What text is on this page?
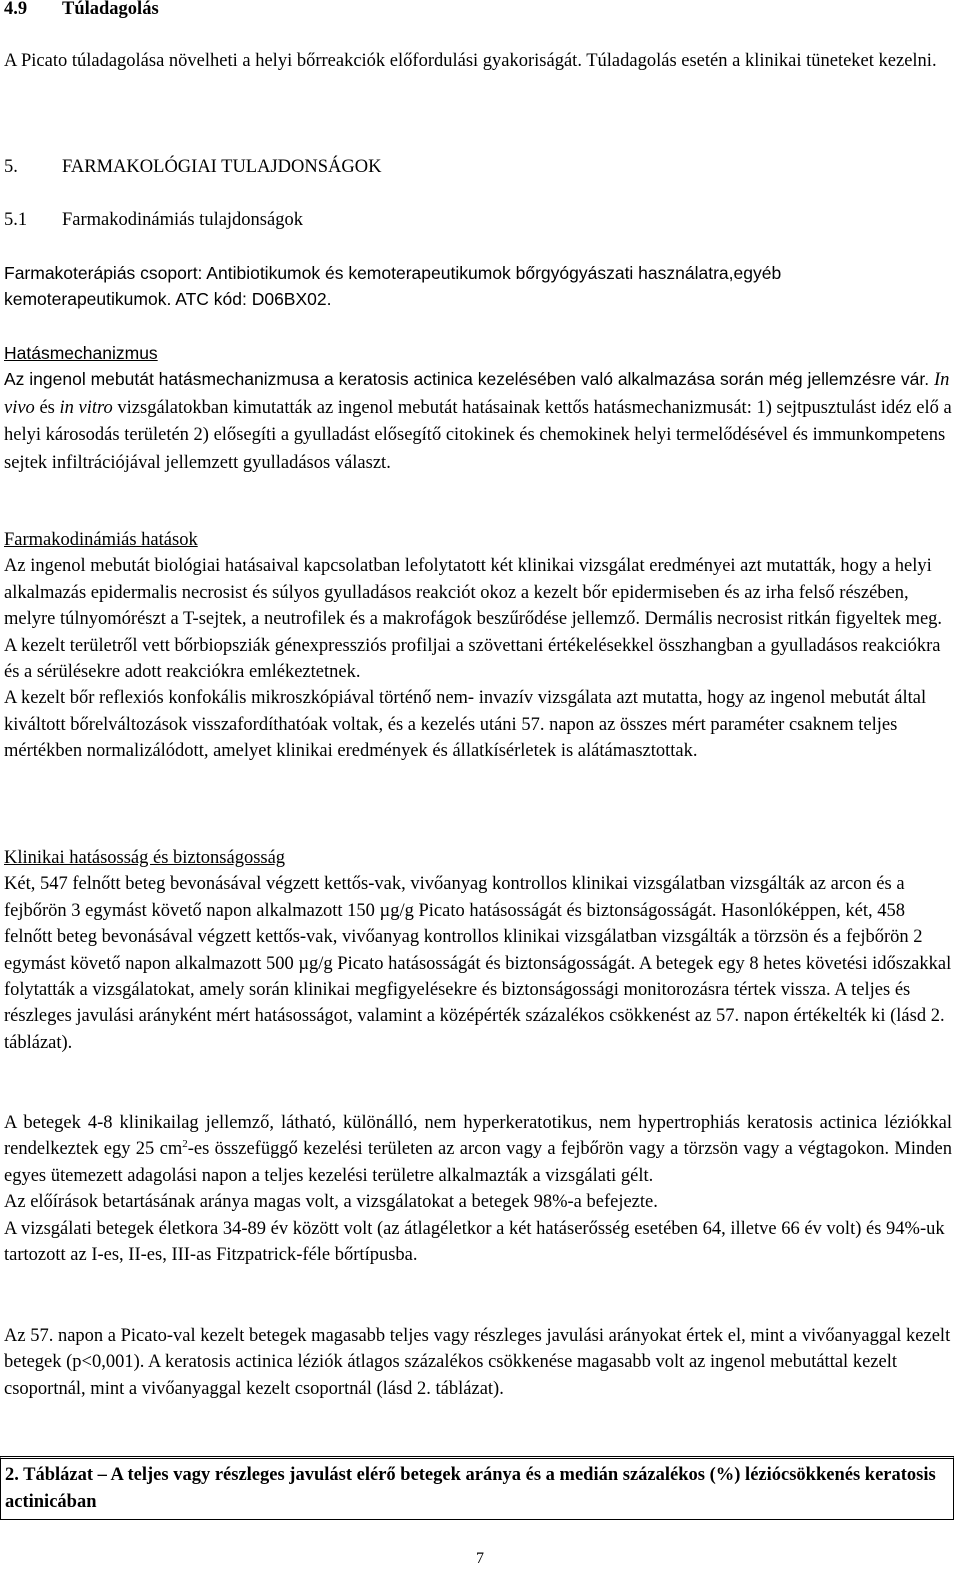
4.9 Túladagolás
A Picato túladagolása növelheti a helyi bőrreakciók előfordulási gyakoriságát. Túladagolás esetén a klinikai tüneteket kezelni.
5. FARMAKOLÓGIAI TULAJDONSÁGOK
5.1 Farmakodinámiás tulajdonságok
Farmakoterápiás csoport: Antibiotikumok és kemoterapeutikumok bőrgyógyászati használatra,egyéb kemoterapeutikumok. ATC kód: D06BX02.
Hatásmechanizmus
Az ingenol mebutát hatásmechanizmusa a keratosis actinica kezelésében való alkalmazása során még jellemzésre vár. In vivo és in vitro vizsgálatokban kimutatták az ingenol mebutát hatásainak kettős hatásmechanizmusát: 1) sejtpusztulást idéz elő a helyi károsodás területén 2) elősegíti a gyulladást elősegítő citokinek és chemokinek helyi termelődésével és immunkompetens sejtek infiltrációjával jellemzett gyulladásos választ.
Farmakodinámiás hatások
Az ingenol mebutát biológiai hatásaival kapcsolatban lefolytatott két klinikai vizsgálat eredményei azt mutatták, hogy a helyi alkalmazás epidermalis necrosist és súlyos gyulladásos reakciót okoz a kezelt bőr epidermiseben és az irha felső részében, melyre túlnyomórészt a T-sejtek, a neutrofilek és a makrofágok beszűrődése jellemző. Dermális necrosist ritkán figyeltek meg.
A kezelt területről vett bőrbiopsziák génexpressziós profiljai a szövettani értékelésekkel összhangban a gyulladásos reakciókra és a sérülésekre adott reakciókra emlékeztetnek.
A kezelt bőr reflexiós konfokális mikroszkópiával történő nem- invazív vizsgálata azt mutatta, hogy az ingenol mebutát által kiváltott bőrelváltozások visszafordíthatóak voltak, és a kezelés utáni 57. napon az összes mért paraméter csaknem teljes mértékben normalizálódott, amelyet klinikai eredmények és állatkísérletek is alátámasztottak.
Klinikai hatásosság és biztonságosság
Két, 547 felnőtt beteg bevonásával végzett kettős-vak, vivőanyag kontrollos klinikai vizsgálatban vizsgálták az arcon és a fejbőrön 3 egymást követő napon alkalmazott 150 µg/g Picato hatásosságát és biztonságosságát. Hasonlóképpen, két, 458 felnőtt beteg bevonásával végzett kettős-vak, vivőanyag kontrollos klinikai vizsgálatban vizsgálták a törzsön és a fejbőrön 2 egymást követő napon alkalmazott 500 µg/g Picato hatásosságát és biztonságosságát. A betegek egy 8 hetes követési időszakkal folytatták a vizsgálatokat, amely során klinikai megfigyelésekre és biztonságossági monitorozásra tértek vissza. A teljes és részleges javulási arányként mért hatásosságot, valamint a középérték százalékos csökkenést az 57. napon értékelték ki (lásd 2. táblázat).
A betegek 4-8 klinikailag jellemző, látható, különálló, nem hyperkeratotikus, nem hypertrophiás keratosis actinica léziókkal rendelkeztek egy 25 $cm^2-es$ összefüggő kezelési területen az arcon vagy a fejbőrön vagy a törzsön vagy a végtagokon. Minden egyes ütemezett adagolási napon a teljes kezelési területre alkalmazták a vizsgálati gélt.
Az előírások betartásának aránya magas volt, a vizsgálatokat a betegek 98%-a befejezte.
A vizsgálati betegek életkora 34-89 év között volt (az átlagéletkor a két hatáserősség esetében 64, illetve 66 év volt) és 94%-uk tartozott az I-es, II-es, III-as Fitzpatrick-féle bőrtípusba.
Az 57. napon a Picato-val kezelt betegek magasabb teljes vagy részleges javulási arányokat értek el, mint a vivőanyaggal kezelt betegek (p<0,001). A keratosis actinica léziók átlagos százalékos csökkenése magasabb volt az ingenol mebutáttal kezelt csoportnál, mint a vivőanyaggal kezelt csoportnál (lásd 2. táblázat).
2. Táblázat – A teljes vagy részleges javulást elérő betegek aránya és a medián százalékos (%) léziócsökkenés keratosis actinicában
7
